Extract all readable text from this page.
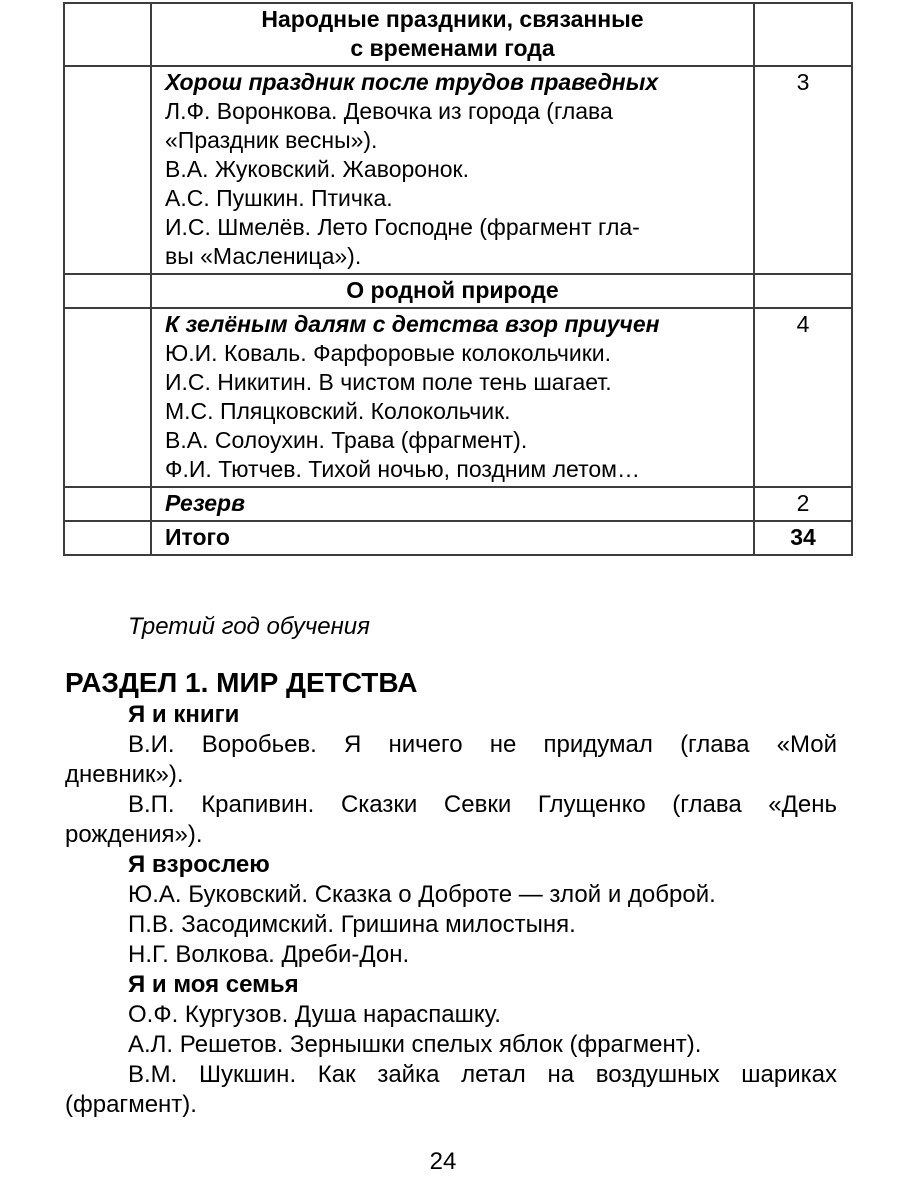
	Народные праздники, связанные
с временами года	

Хорош праздник после трудов праведных
Л.Ф. Воронкова. Девочка из города (глава
«Праздник весны»).
В.А. Жуковский. Жаворонок.
А.С. Пушкин. Птичка.
И.С. Шмелёв. Лето Господне (фрагмент гла-
вы «Масленица»).
	3

	О родной природе	

К зелёным далям с детства взор приучен
Ю.И. Коваль. Фарфоровые колокольчики.
И.С. Никитин. В чистом поле тень шагает.
М.С. Пляцковский. Колокольчик.
В.А. Солоухин. Трава (фрагмент).
Ф.И. Тютчев. Тихой ночью, поздним летом…
	4
	Резерв	2
	Итого	34
Третий год обучения
РАЗДЕЛ 1. МИР ДЕТСТВА
Я и книги
В.И. Воробьев. Я ничего не придумал (глава «Мой
дневник»).
В.П. Крапивин. Сказки Севки Глущенко (глава «День
рождения»).
Я взрослею
Ю.А. Буковский. Сказка о Доброте — злой и доброй.
П.В. Засодимский. Гришина милостыня.
Н.Г. Волкова. Дреби-Дон.
Я и моя семья
О.Ф. Кургузов. Душа нараспашку.
А.Л. Решетов. Зернышки спелых яблок (фрагмент).
В.М. Шукшин. Как зайка летал на воздушных шариках
(фрагмент).
24
